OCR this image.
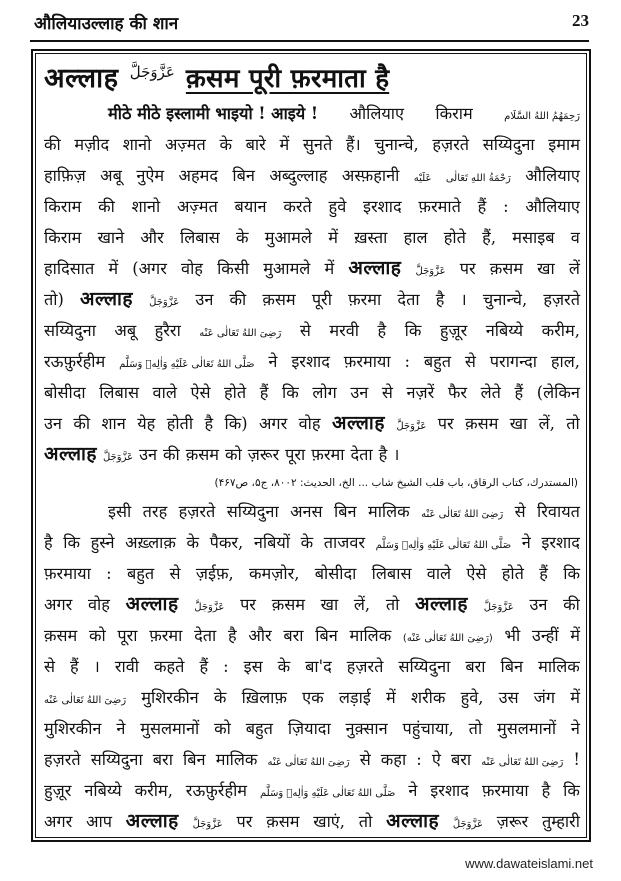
औलियाउल्लाह की शान	23
अल्लाह $^{عَزَّوَجَلَّ}$ क़सम पूरी फ़रमाता है
मीठे मीठे इस्लामी भाइयो ! आइये ! औलियाए किराम	رَحِمَهُمُ اللهُ السَّلَام
की मज़ीद शानो अज़्मत के बारे में सुनते हैं। चुनान्चे, हज़रते सय्यिदुना इमाम
हाफ़िज़ अबू नुऐम अहमद बिन अब्दुल्लाह अस्फ़हानी عَلَيْه رَحْمَةُ اللهِ تَعَالٰى औलियाए
किराम की शानो अज़्मत बयान करते हुवे इरशाद फ़रमाते हैं : औलियाए
किराम खाने और लिबास के मुआमले में ख़स्ता हाल होते हैं, मसाइब व
हादिसात में (अगर वोह किसी मुआमले में अल्लाह عَزَّوَجَلَّ पर क़सम खा लें
तो) अल्लाह عَزَّوَجَلَّ उन की क़सम पूरी फ़रमा देता है । चुनान्चे, हज़रते
सय्यिदुना अबू हुरैरा رَضِىَ اللهُ تَعَالٰى عَنْه से मरवी है कि हुज़ूर नबिय्ये करीम,
रऊफ़ुर्रहीम صَلَّى اللهُ تَعَالٰى عَلَيْهِ وَاٰلِهٖ وَسَلَّم ने इरशाद फ़रमाया : बहुत से परागन्दा हाल,
बोसीदा लिबास वाले ऐसे होते हैं कि लोग उन से नज़रें फैर लेते हैं (लेकिन
उन की शान येह होती है कि) अगर वोह अल्लाह عَزَّوَجَلَّ पर क़सम खा लें, तो
अल्लाह عَزَّوَجَلَّ उन की क़सम को ज़रूर पूरा फ़रमा देता है ।
(المستدرك، كتاب الرقاق، باب قلب الشيخ شاب ... الخ، الحديث: ۸۰۰۲، ج۵، ص۴۶۷)
इसी तरह हज़रते सय्यिदुना अनस बिन मालिक رَضِىَ اللهُ تَعَالٰى عَنْه से रिवायत
है कि हुस्ने अख़्लाक़ के पैकर, नबियों के ताजवर صَلَّى اللهُ تَعَالٰى عَلَيْهِ وَاٰلِهٖ وَسَلَّم ने इरशाद
फ़रमाया : बहुत से ज़ईफ़, कमज़ोर, बोसीदा लिबास वाले ऐसे होते हैं कि
अगर वोह अल्लाह عَزَّوَجَلَّ पर क़सम खा लें, तो अल्लाह عَزَّوَجَلَّ उन की
क़सम को पूरा फ़रमा देता है और बरा बिन मालिक (رَضِىَ اللهُ تَعَالٰى عَنْه) भी उन्हीं में
से हैं । रावी कहते हैं : इस के बा'द हज़रते सय्यिदुना बरा बिन मालिक
رَضِىَ اللهُ تَعَالٰى عَنْه मुशिरकीन के ख़िलाफ़ एक लड़ाई में शरीक हुवे, उस जंग में
मुशिरकीन ने मुसलमानों को बहुत ज़ियादा नुक़्सान पहुंचाया, तो मुसलमानों ने
हज़रते सय्यिदुना बरा बिन मालिक رَضِىَ اللهُ تَعَالٰى عَنْه से कहा : ऐ बरा رَضِىَ اللهُ تَعَالٰى عَنْه !
हुज़ूर नबिय्ये करीम, रऊफ़ुर्रहीम صَلَّى اللهُ تَعَالٰى عَلَيْهِ وَاٰلِهٖ وَسَلَّم ने इरशाद फ़रमाया है कि
अगर आप अल्लाह عَزَّوَجَلَّ पर क़सम खाएं, तो अल्लाह عَزَّوَجَلَّ ज़रूर तुम्हारी
www.dawateislami.net
